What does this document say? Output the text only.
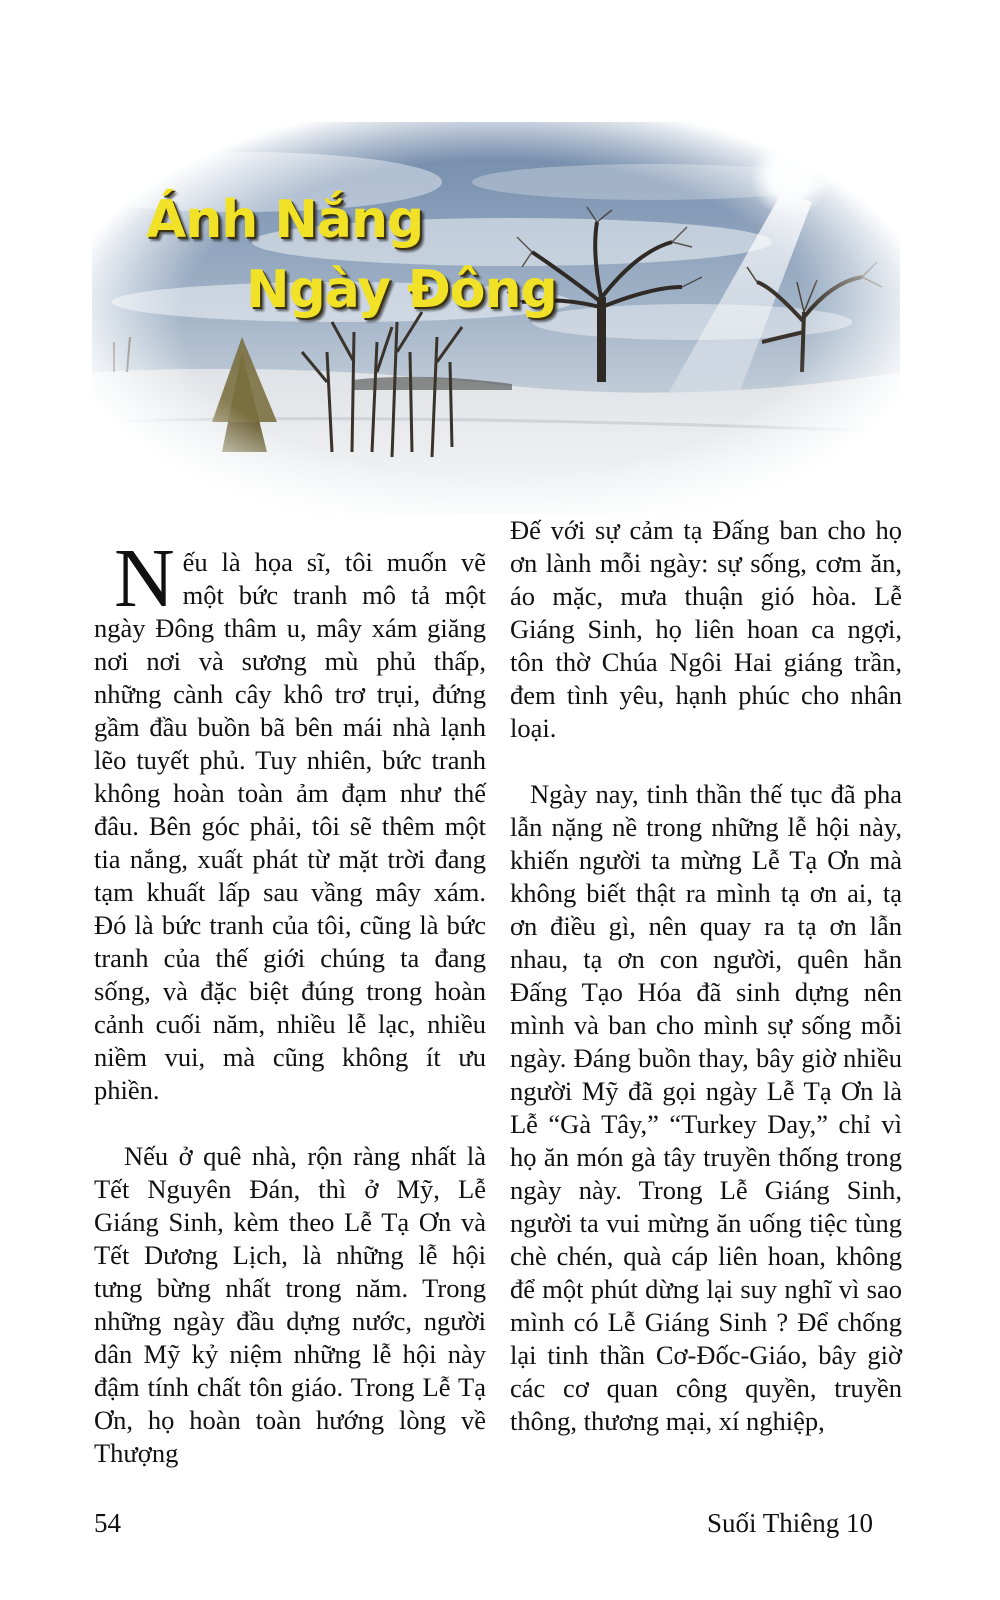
Ánh Nắng
Ngày Đông

Nếu là họa sĩ, tôi muốn vẽ một bức tranh mô tả một ngày Đông thâm u, mây xám giăng nơi nơi và sương mù phủ thấp, những cành cây khô trơ trụi, đứng gầm đầu buồn bã bên mái nhà lạnh lẽo tuyết phủ. Tuy nhiên, bức tranh không hoàn toàn ảm đạm như thế đâu. Bên góc phải, tôi sẽ thêm một tia nắng, xuất phát từ mặt trời đang tạm khuất lấp sau vầng mây xám. Đó là bức tranh của tôi, cũng là bức tranh của thế giới chúng ta đang sống, và đặc biệt đúng trong hoàn cảnh cuối năm, nhiều lễ lạc, nhiều niềm vui, mà cũng không ít ưu phiền.

Nếu ở quê nhà, rộn ràng nhất là Tết Nguyên Đán, thì ở Mỹ, Lễ Giáng Sinh, kèm theo Lễ Tạ Ơn và Tết Dương Lịch, là những lễ hội tưng bừng nhất trong năm. Trong những ngày đầu dựng nước, người dân Mỹ kỷ niệm những lễ hội này đậm tính chất tôn giáo. Trong Lễ Tạ Ơn, họ hoàn toàn hướng lòng về Thượng

Đế với sự cảm tạ Đấng ban cho họ ơn lành mỗi ngày: sự sống, cơm ăn, áo mặc, mưa thuận gió hòa. Lễ Giáng Sinh, họ liên hoan ca ngợi, tôn thờ Chúa Ngôi Hai giáng trần, đem tình yêu, hạnh phúc cho nhân loại.

Ngày nay, tinh thần thế tục đã pha lẫn nặng nề trong những lễ hội này, khiến người ta mừng Lễ Tạ Ơn mà không biết thật ra mình tạ ơn ai, tạ ơn điều gì, nên quay ra tạ ơn lẫn nhau, tạ ơn con người, quên hẳn Đấng Tạo Hóa đã sinh dựng nên mình và ban cho mình sự sống mỗi ngày. Đáng buồn thay, bây giờ nhiều người Mỹ đã gọi ngày Lễ Tạ Ơn là Lễ “Gà Tây,” “Turkey Day,” chỉ vì họ ăn món gà tây truyền thống trong ngày này. Trong Lễ Giáng Sinh, người ta vui mừng ăn uống tiệc tùng chè chén, quà cáp liên hoan, không để một phút dừng lại suy nghĩ vì sao mình có Lễ Giáng Sinh ? Để chống lại tinh thần Cơ-Đốc-Giáo, bây giờ các cơ quan công quyền, truyền thông, thương mại, xí nghiệp,

54	Suối Thiêng 10
